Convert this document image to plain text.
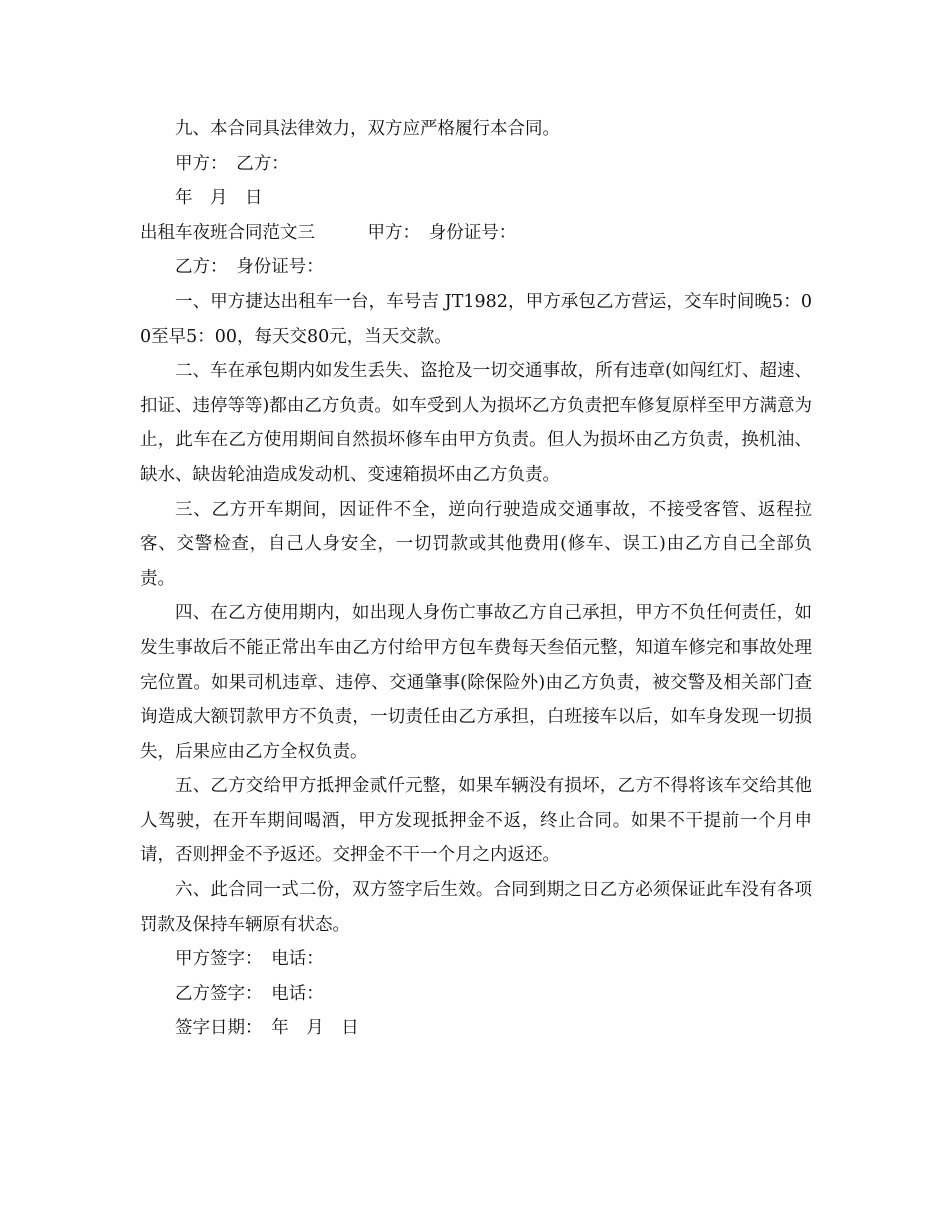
九、本合同具法律效力，双方应严格履行本合同。

甲方：　乙方：

年　月　日

出租车夜班合同范文三　　　甲方：　身份证号：

乙方：　身份证号：

一、甲方捷达出租车一台，车号吉 JT1982，甲方承包乙方营运，交车时间晚5：00至早5：00，每天交80元，当天交款。

二、车在承包期内如发生丢失、盗抢及一切交通事故，所有违章(如闯红灯、超速、扣证、违停等等)都由乙方负责。如车受到人为损坏乙方负责把车修复原样至甲方满意为止，此车在乙方使用期间自然损坏修车由甲方负责。但人为损坏由乙方负责，换机油、缺水、缺齿轮油造成发动机、变速箱损坏由乙方负责。

三、乙方开车期间，因证件不全，逆向行驶造成交通事故，不接受客管、返程拉客、交警检查，自己人身安全，一切罚款或其他费用(修车、误工)由乙方自己全部负责。

四、在乙方使用期内，如出现人身伤亡事故乙方自己承担，甲方不负任何责任，如发生事故后不能正常出车由乙方付给甲方包车费每天叁佰元整，知道车修完和事故处理完位置。如果司机违章、违停、交通肇事(除保险外)由乙方负责，被交警及相关部门查询造成大额罚款甲方不负责，一切责任由乙方承担，白班接车以后，如车身发现一切损失，后果应由乙方全权负责。

五、乙方交给甲方抵押金贰仟元整，如果车辆没有损坏，乙方不得将该车交给其他人驾驶，在开车期间喝酒，甲方发现抵押金不返，终止合同。如果不干提前一个月申请，否则押金不予返还。交押金不干一个月之内返还。

六、此合同一式二份，双方签字后生效。合同到期之日乙方必须保证此车没有各项罚款及保持车辆原有状态。

甲方签字：　电话：

乙方签字：　电话：

签字日期：　年　月　日
